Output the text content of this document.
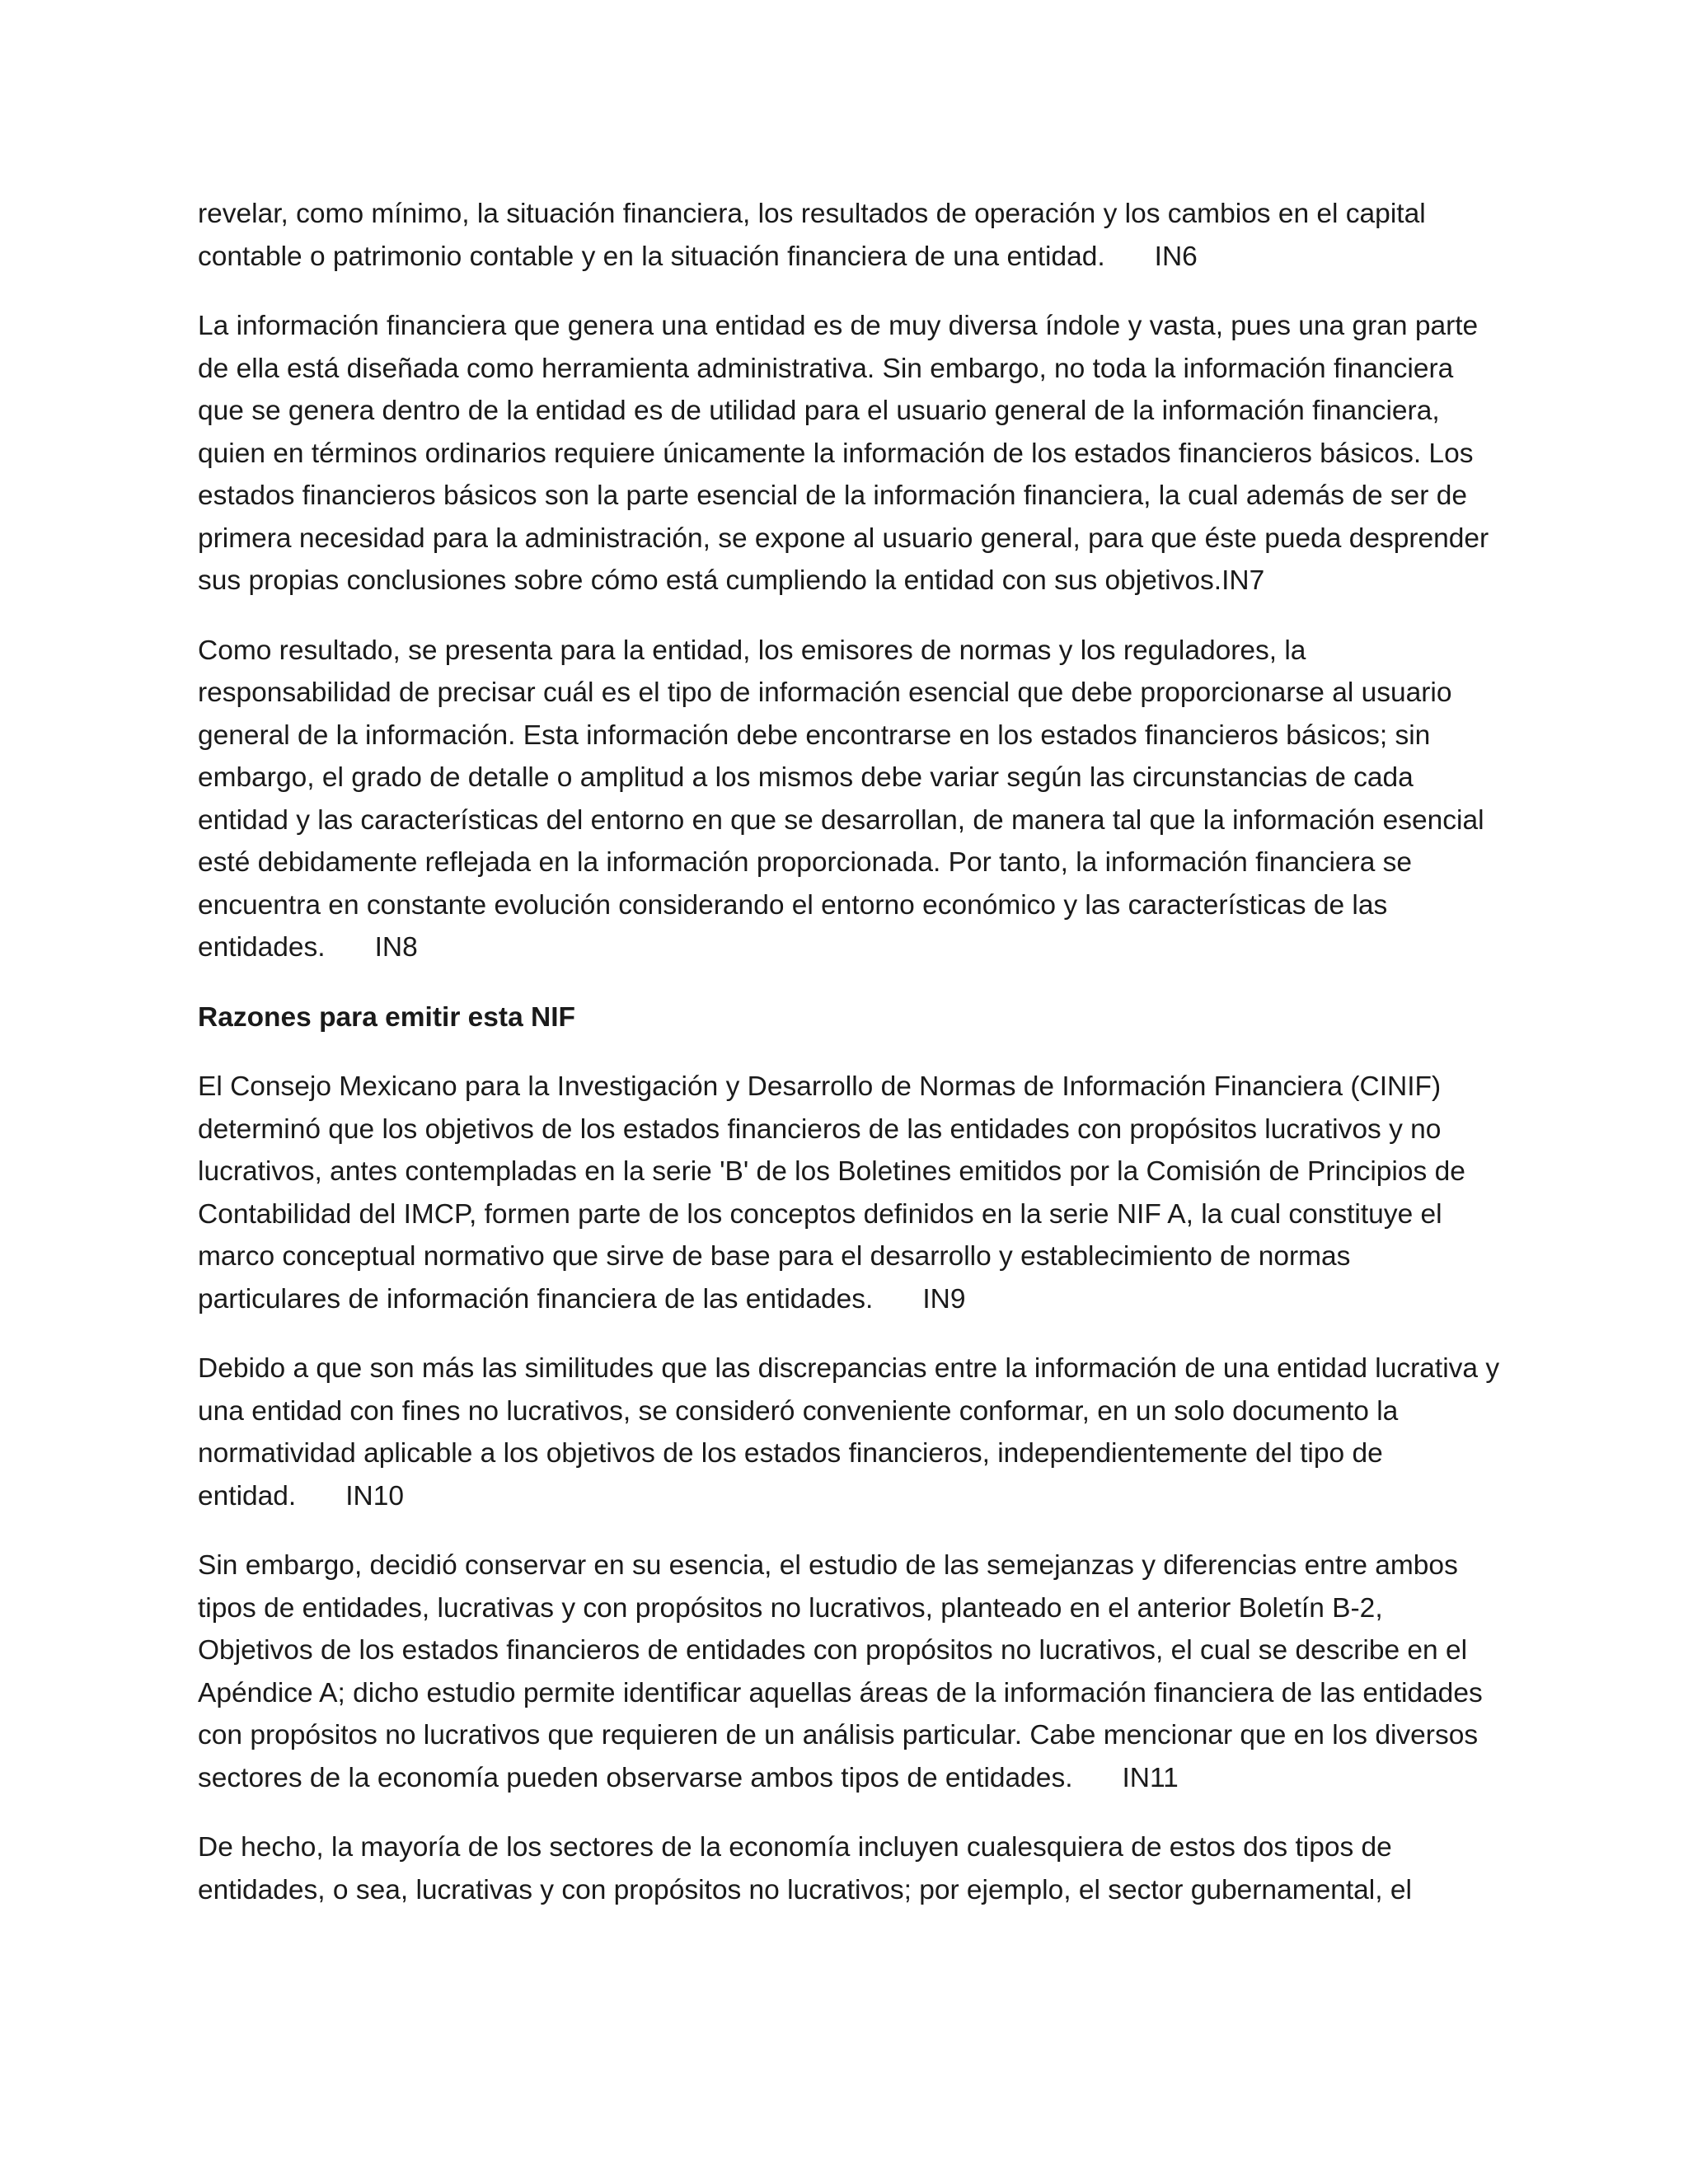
revelar, como mínimo, la situación financiera, los resultados de operación y los cambios en el capital contable o patrimonio contable y en la situación financiera de una entidad. IN6

La información financiera que genera una entidad es de muy diversa índole y vasta, pues una gran parte de ella está diseñada como herramienta administrativa. Sin embargo, no toda la información financiera que se genera dentro de la entidad es de utilidad para el usuario general de la información financiera, quien en términos ordinarios requiere únicamente la información de los estados financieros básicos. Los estados financieros básicos son la parte esencial de la información financiera, la cual además de ser de primera necesidad para la administración, se expone al usuario general, para que éste pueda desprender sus propias conclusiones sobre cómo está cumpliendo la entidad con sus objetivos.IN7

Como resultado, se presenta para la entidad, los emisores de normas y los reguladores, la responsabilidad de precisar cuál es el tipo de información esencial que debe proporcionarse al usuario general de la información. Esta información debe encontrarse en los estados financieros básicos; sin embargo, el grado de detalle o amplitud a los mismos debe variar según las circunstancias de cada entidad y las características del entorno en que se desarrollan, de manera tal que la información esencial esté debidamente reflejada en la información proporcionada. Por tanto, la información financiera se encuentra en constante evolución considerando el entorno económico y las características de las entidades. IN8

Razones para emitir esta NIF

El Consejo Mexicano para la Investigación y Desarrollo de Normas de Información Financiera (CINIF) determinó que los objetivos de los estados financieros de las entidades con propósitos lucrativos y no lucrativos, antes contempladas en la serie 'B' de los Boletines emitidos por la Comisión de Principios de Contabilidad del IMCP, formen parte de los conceptos definidos en la serie NIF A, la cual constituye el marco conceptual normativo que sirve de base para el desarrollo y establecimiento de normas particulares de información financiera de las entidades. IN9

Debido a que son más las similitudes que las discrepancias entre la información de una entidad lucrativa y una entidad con fines no lucrativos, se consideró conveniente conformar, en un solo documento la normatividad aplicable a los objetivos de los estados financieros, independientemente del tipo de entidad. IN10

Sin embargo, decidió conservar en su esencia, el estudio de las semejanzas y diferencias entre ambos tipos de entidades, lucrativas y con propósitos no lucrativos, planteado en el anterior Boletín B-2, Objetivos de los estados financieros de entidades con propósitos no lucrativos, el cual se describe en el Apéndice A; dicho estudio permite identificar aquellas áreas de la información financiera de las entidades con propósitos no lucrativos que requieren de un análisis particular. Cabe mencionar que en los diversos sectores de la economía pueden observarse ambos tipos de entidades. IN11

De hecho, la mayoría de los sectores de la economía incluyen cualesquiera de estos dos tipos de entidades, o sea, lucrativas y con propósitos no lucrativos; por ejemplo, el sector gubernamental, el
